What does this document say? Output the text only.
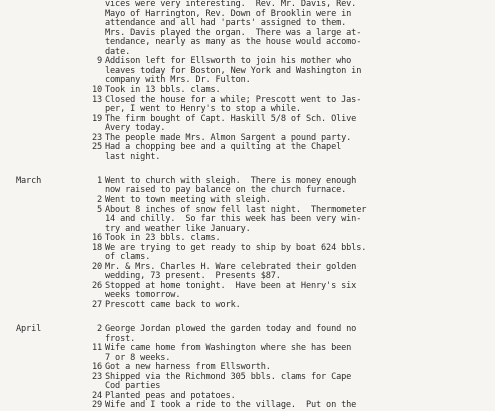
vices were very interesting.  Rev. Mr. Davis, Rev.
Mayo of Harrington, Rev. Down of Brooklin were in
attendance and all had 'parts' assigned to them.
Mrs. Davis played the organ.  There was a large at-
tendance, nearly as many as the house would accomo-
date.
9 Addison left for Ellsworth to join his mother who
leaves today for Boston, New York and Washington in
company with Mrs. Dr. Fulton.
10 Took in 13 bbls. clams.
13 Closed the house for a while; Prescott went to Jas-
per, I went to Henry's to stop a while.
19 The firm bought of Capt. Haskill 5/8 of Sch. Olive
Avery today.
23 The people made Mrs. Almon Sargent a pound party.
25 Had a chopping bee and a quilting at the Chapel
last night.
March	1 Went to church with sleigh.  There is money enough
now raised to pay balance on the church furnace.
2 Went to town meeting with sleigh.
5 About 8 inches of snow fell last night.  Thermometer
14 and chilly.  So far this week has been very win-
try and weather like January.
16 Took in 23 bbls. clams.
18 We are trying to get ready to ship by boat 624 bbls.
of clams.
20 Mr. & Mrs. Charles H. Ware celebrated their golden
wedding, 73 present.  Presents $87.
26 Stopped at home tonight.  Have been at Henry's six
weeks tomorrow.
27 Prescott came back to work.
April	2 George Jordan plowed the garden today and found no
frost.
11 Wife came home from Washington where she has been
7 or 8 weeks.
16 Got a new harness from Ellsworth.
23 Shipped via the Richmond 305 bbls. clams for Cape
Cod parties
24 Planted peas and potatoes.
29 Wife and I took a ride to the village.  Put on the
